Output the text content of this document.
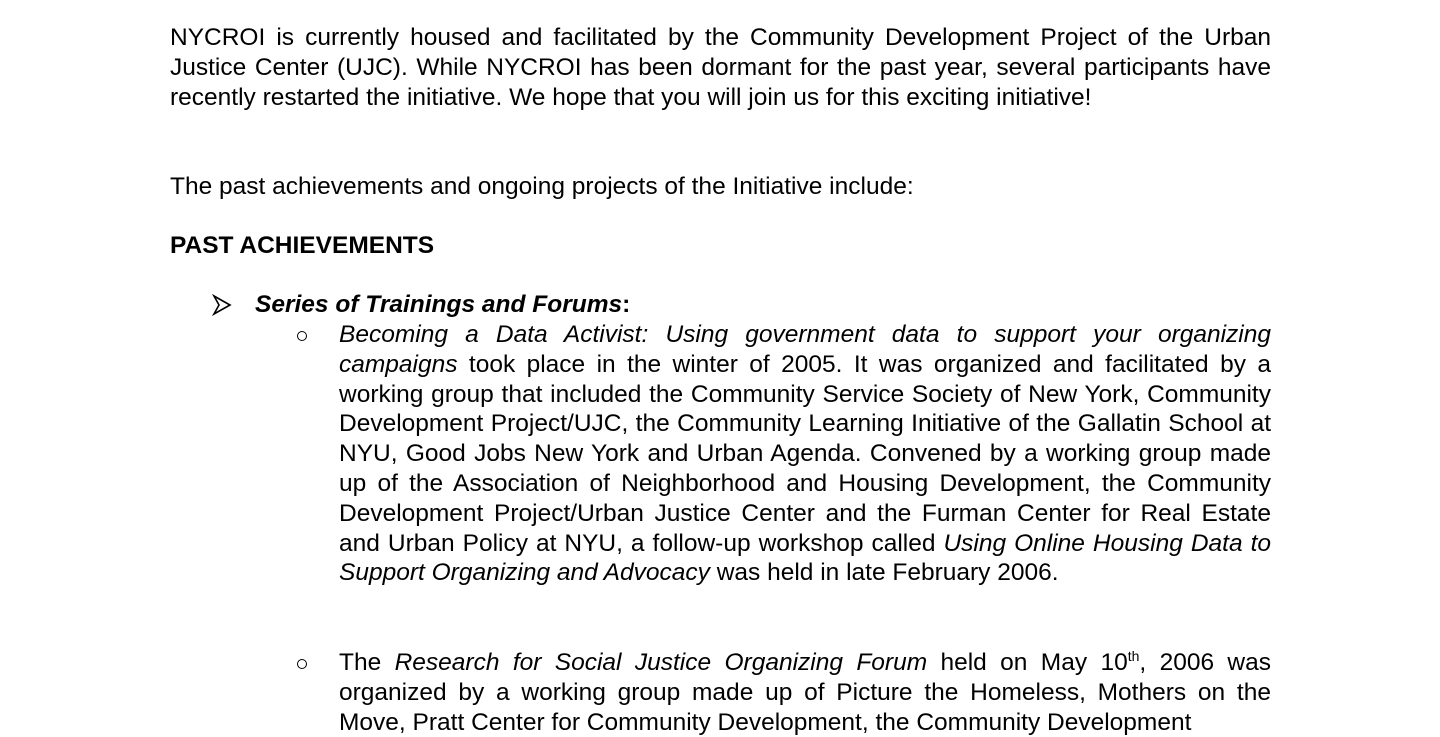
NYCROI is currently housed and facilitated by the Community Development Project of the Urban Justice Center (UJC). While NYCROI has been dormant for the past year, several participants have recently restarted the initiative. We hope that you will join us for this exciting initiative!

The past achievements and ongoing projects of the Initiative include:

PAST ACHIEVEMENTS

Series of Trainings and Forums:

Becoming a Data Activist: Using government data to support your organizing campaigns took place in the winter of 2005. It was organized and facilitated by a working group that included the Community Service Society of New York, Community Development Project/UJC, the Community Learning Initiative of the Gallatin School at NYU, Good Jobs New York and Urban Agenda. Convened by a working group made up of the Association of Neighborhood and Housing Development, the Community Development Project/Urban Justice Center and the Furman Center for Real Estate and Urban Policy at NYU, a follow-up workshop called Using Online Housing Data to Support Organizing and Advocacy was held in late February 2006.

The Research for Social Justice Organizing Forum held on May 10th, 2006 was organized by a working group made up of Picture the Homeless, Mothers on the Move, Pratt Center for Community Development, the Community Development
